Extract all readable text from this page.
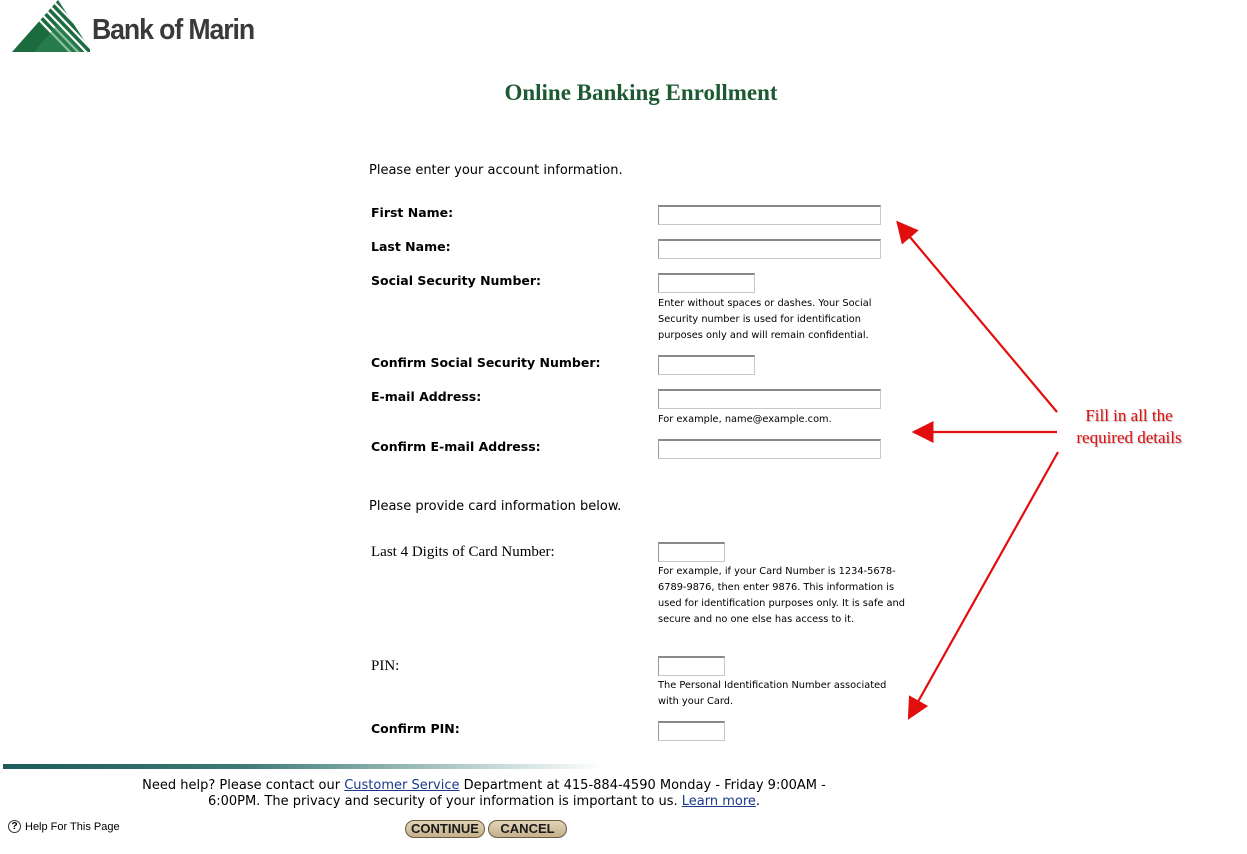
Bank of Marin
Online Banking Enrollment
Please enter your account information.
First Name:
Last Name:
Social Security Number:
Enter without spaces or dashes. Your Social Security number is used for identification purposes only and will remain confidential.
Confirm Social Security Number:
E-mail Address:
For example, name@example.com.
Confirm E-mail Address:
Please provide card information below.
Last 4 Digits of Card Number:
For example, if your Card Number is 1234-5678-6789-9876, then enter 9876. This information is used for identification purposes only. It is safe and secure and no one else has access to it.
PIN:
The Personal Identification Number associated with your Card.
Confirm PIN:
Fill in all the
required details
Need help? Please contact our Customer Service Department at 415-884-4590 Monday - Friday 9:00AM - 6:00PM. The privacy and security of your information is important to us. Learn more.
? Help For This Page	CONTINUE	CANCEL
